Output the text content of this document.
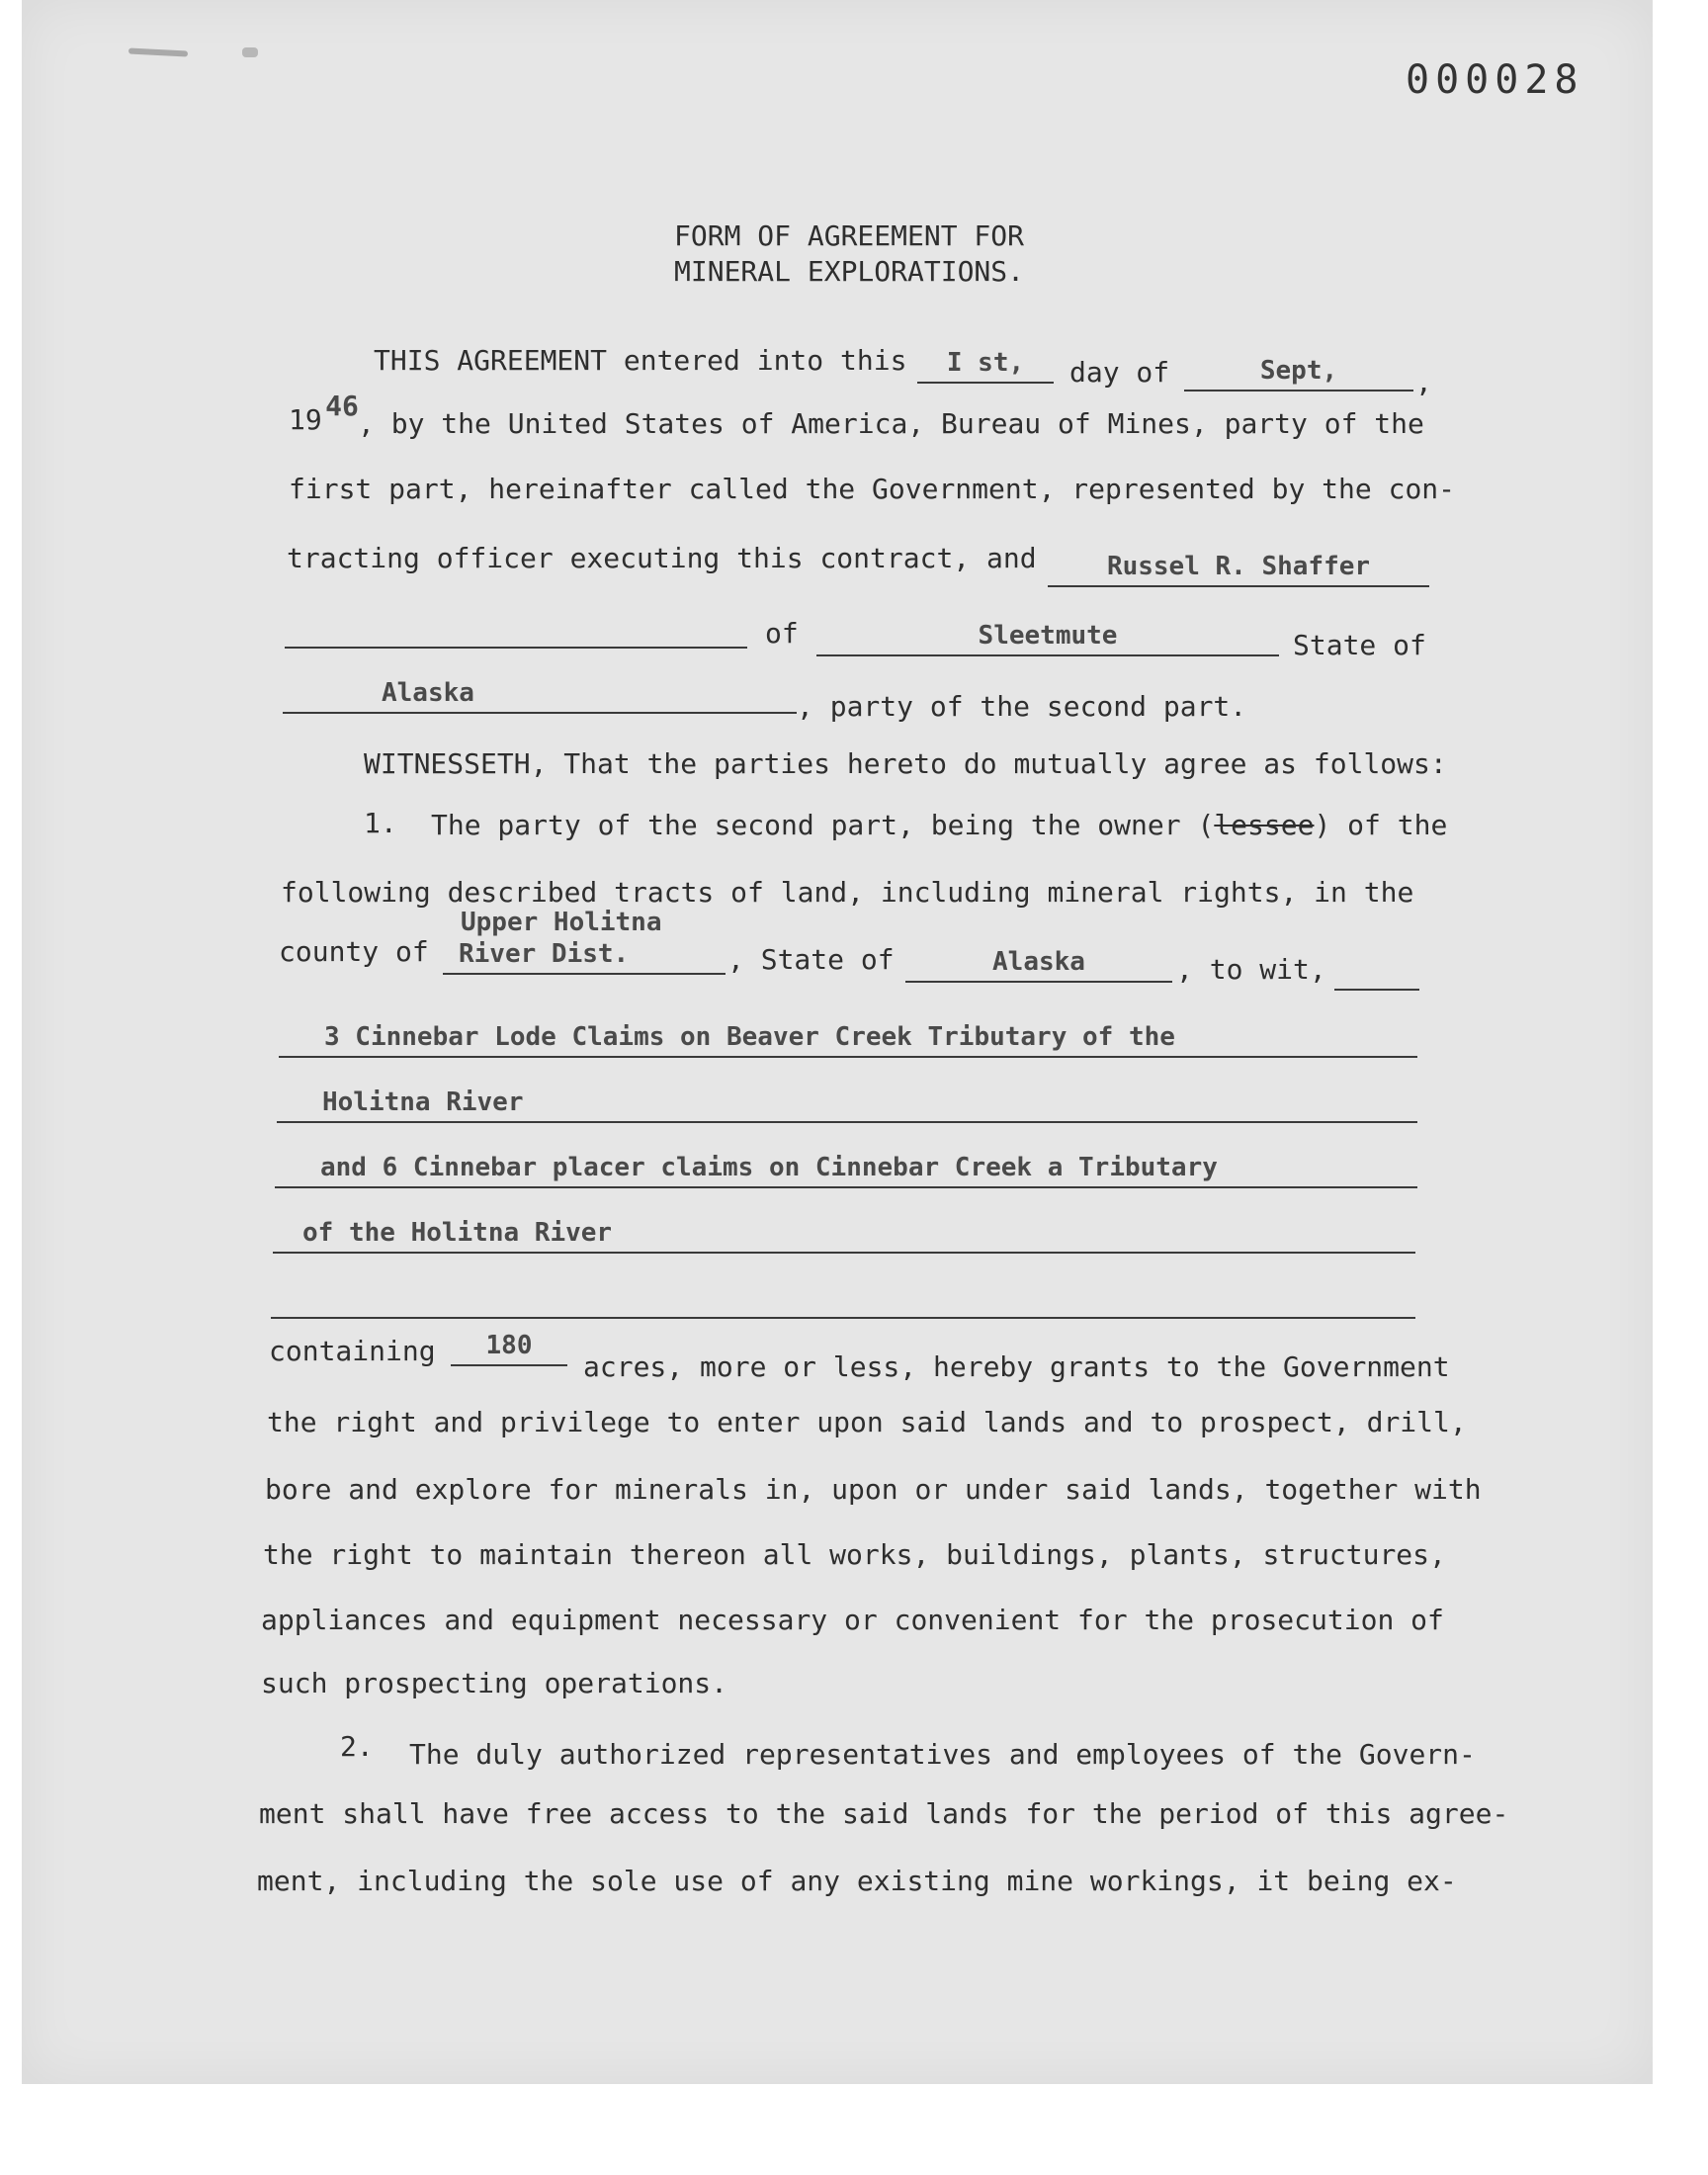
000028
FORM OF AGREEMENT FOR
MINERAL EXPLORATIONS.
THIS AGREEMENT entered into this	I st,	day of	Sept,	,
19 46
, by the United States of America, Bureau of Mines, party of the
first part, hereinafter called the Government, represented by the con-
tracting officer executing this contract, and	Russel R. Shaffer
of	Sleetmute	State of
Alaska	, party of the second part.
WITNESSETH, That the parties hereto do mutually agree as follows:
1. The party of the second part, being the owner (lessee) of the
following described tracts of land, including mineral rights, in the
county of
Upper Holitna
River Dist.	, State of	Alaska	, to wit,
3 Cinnebar Lode Claims on Beaver Creek Tributary of the
Holitna River
and 6 Cinnebar placer claims on Cinnebar Creek a Tributary
of the Holitna River
containing	180
acres, more or less, hereby grants to the Government
the right and privilege to enter upon said lands and to prospect, drill,
bore and explore for minerals in, upon or under said lands, together with
the right to maintain thereon all works, buildings, plants, structures,
appliances and equipment necessary or convenient for the prosecution of
such prospecting operations.
2. The duly authorized representatives and employees of the Govern-
ment shall have free access to the said lands for the period of this agree-
ment, including the sole use of any existing mine workings, it being ex-
